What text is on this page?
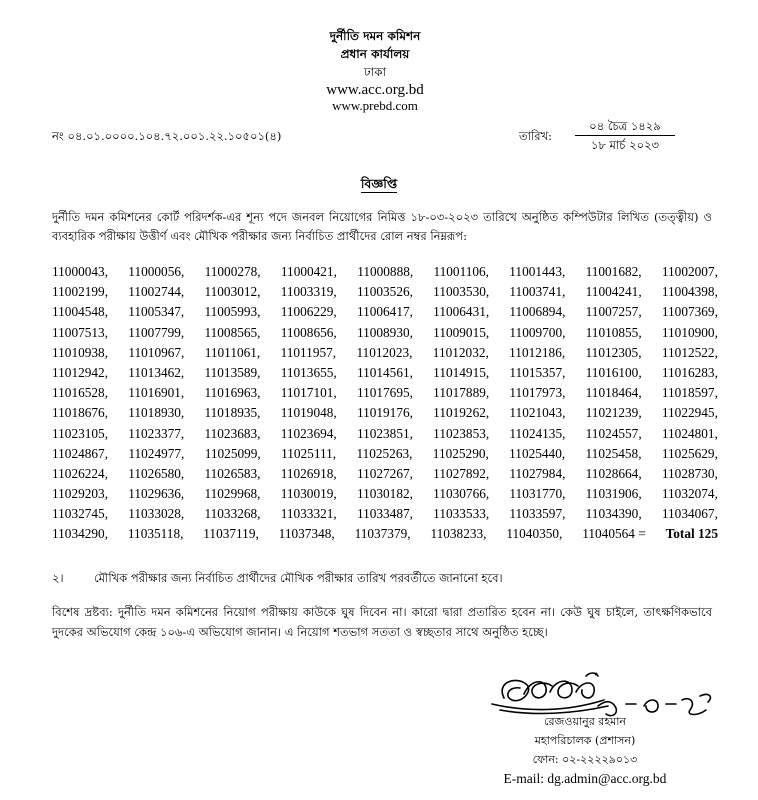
দুর্নীতি দমন কমিশন
প্রধান কার্যালয়
ঢাকা
www.acc.org.bd
www.prebd.com
নং ০৪.০১.০০০০.১০৪.৭২.০০১.২২.১০৫০১(৪)	তারিখ:
০৪ চৈত্র ১৪২৯
১৮ মার্চ ২০২৩
বিজ্ঞপ্তি
দুর্নীতি দমন কমিশনের কোর্ট পরিদর্শক-এর শূন্য পদে জনবল নিয়োগের নিমিত্ত ১৮-০৩-২০২৩ তারিখে অনুষ্ঠিত কম্পিউটার লিখিত (তত্ত্বীয়) ও ব্যবহারিক পরীক্ষায় উত্তীর্ণ এবং মৌখিক পরীক্ষার জন্য নির্বাচিত প্রার্থীদের রোল নম্বর নিম্নরূপ:
11000043, 11000056, 11000278, 11000421, 11000888, 11001106, 11001443, 11001682, 11002007,
11002199, 11002744, 11003012, 11003319, 11003526, 11003530, 11003741, 11004241, 11004398,
11004548, 11005347, 11005993, 11006229, 11006417, 11006431, 11006894, 11007257, 11007369,
11007513, 11007799, 11008565, 11008656, 11008930, 11009015, 11009700, 11010855, 11010900,
11010938, 11010967, 11011061, 11011957, 11012023, 11012032, 11012186, 11012305, 11012522,
11012942, 11013462, 11013589, 11013655, 11014561, 11014915, 11015357, 11016100, 11016283,
11016528, 11016901, 11016963, 11017101, 11017695, 11017889, 11017973, 11018464, 11018597,
11018676, 11018930, 11018935, 11019048, 11019176, 11019262, 11021043, 11021239, 11022945,
11023105, 11023377, 11023683, 11023694, 11023851, 11023853, 11024135, 11024557, 11024801,
11024867, 11024977, 11025099, 11025111, 11025263, 11025290, 11025440, 11025458, 11025629,
11026224, 11026580, 11026583, 11026918, 11027267, 11027892, 11027984, 11028664, 11028730,
11029203, 11029636, 11029968, 11030019, 11030182, 11030766, 11031770, 11031906, 11032074,
11032745, 11033028, 11033268, 11033321, 11033487, 11033533, 11033597, 11034390, 11034067,
11034290, 11035118, 11037119, 11037348, 11037379, 11038233, 11040350, 11040564 = Total 125
২।	মৌখিক পরীক্ষার জন্য নির্বাচিত প্রার্থীদের মৌখিক পরীক্ষার তারিখ পরবর্তীতে জানানো হবে।
বিশেষ দ্রষ্টব্য: দুর্নীতি দমন কমিশনের নিয়োগ পরীক্ষায় কাউকে ঘুষ দিবেন না। কারো দ্বারা প্রতারিত হবেন না। কেউ ঘুষ চাইলে, তাৎক্ষণিকভাবে দুদকের অভিযোগ কেন্দ্র ১০৬-এ অভিযোগ জানান। এ নিয়োগ শতভাগ সততা ও স্বচ্ছতার সাথে অনুষ্ঠিত হচ্ছে।
রেজওয়ানুর রহমান
মহাপরিচালক (প্রশাসন)
ফোন: ০২-২২২২৯০১৩
E-mail: dg.admin@acc.org.bd
